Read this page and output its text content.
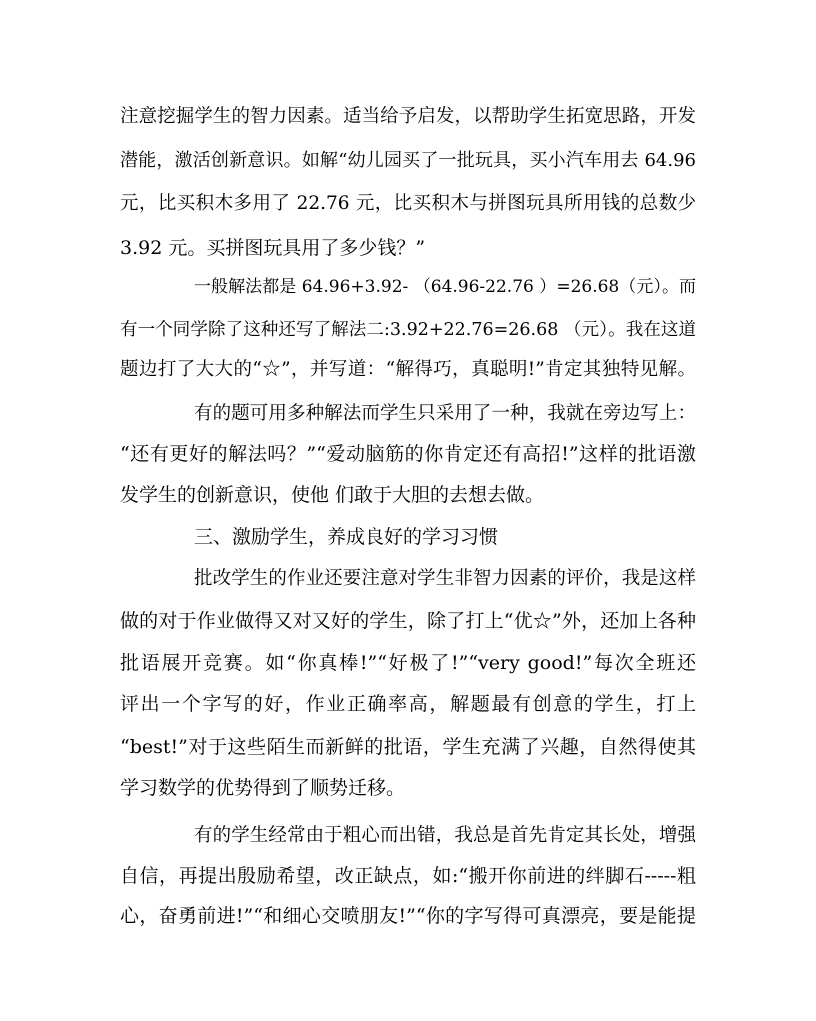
注意挖掘学生的智力因素。适当给予启发，以帮助学生拓宽思路，开发
潜能，激活创新意识。如解“幼儿园买了一批玩具，买小汽车用去 64.96
元，比买积木多用了 22.76 元，比买积木与拼图玩具所用钱的总数少
3.92 元。买拼图玩具用了多少钱？”
一般解法都是 64.96+3.92- （64.96-22.76 ）=26.68（元）。而
有一个同学除了这种还写了解法二:3.92+22.76=26.68 （元）。我在这道
题边打了大大的“☆”，并写道：“解得巧，真聪明!”肯定其独特见解。
有的题可用多种解法而学生只采用了一种，我就在旁边写上：
“还有更好的解法吗？”“爱动脑筋的你肯定还有高招!”这样的批语激
发学生的创新意识，使他 们敢于大胆的去想去做。
三、激励学生，养成良好的学习习惯
批改学生的作业还要注意对学生非智力因素的评价，我是这样
做的对于作业做得又对又好的学生，除了打上“优☆”外，还加上各种
批语展开竞赛。如“你真棒!”“好极了!”“very good!”每次全班还
评出一个字写的好，作业正确率高，解题最有创意的学生，打上
“best!”对于这些陌生而新鲜的批语，学生充满了兴趣，自然得使其
学习数学的优势得到了顺势迁移。
有的学生经常由于粗心而出错，我总是首先肯定其长处，增强
自信，再提出殷励希望，改正缺点，如:“搬开你前进的绊脚石-----粗
心，奋勇前进!”“和细心交喷朋友!”“你的字写得可真漂亮，要是能提
